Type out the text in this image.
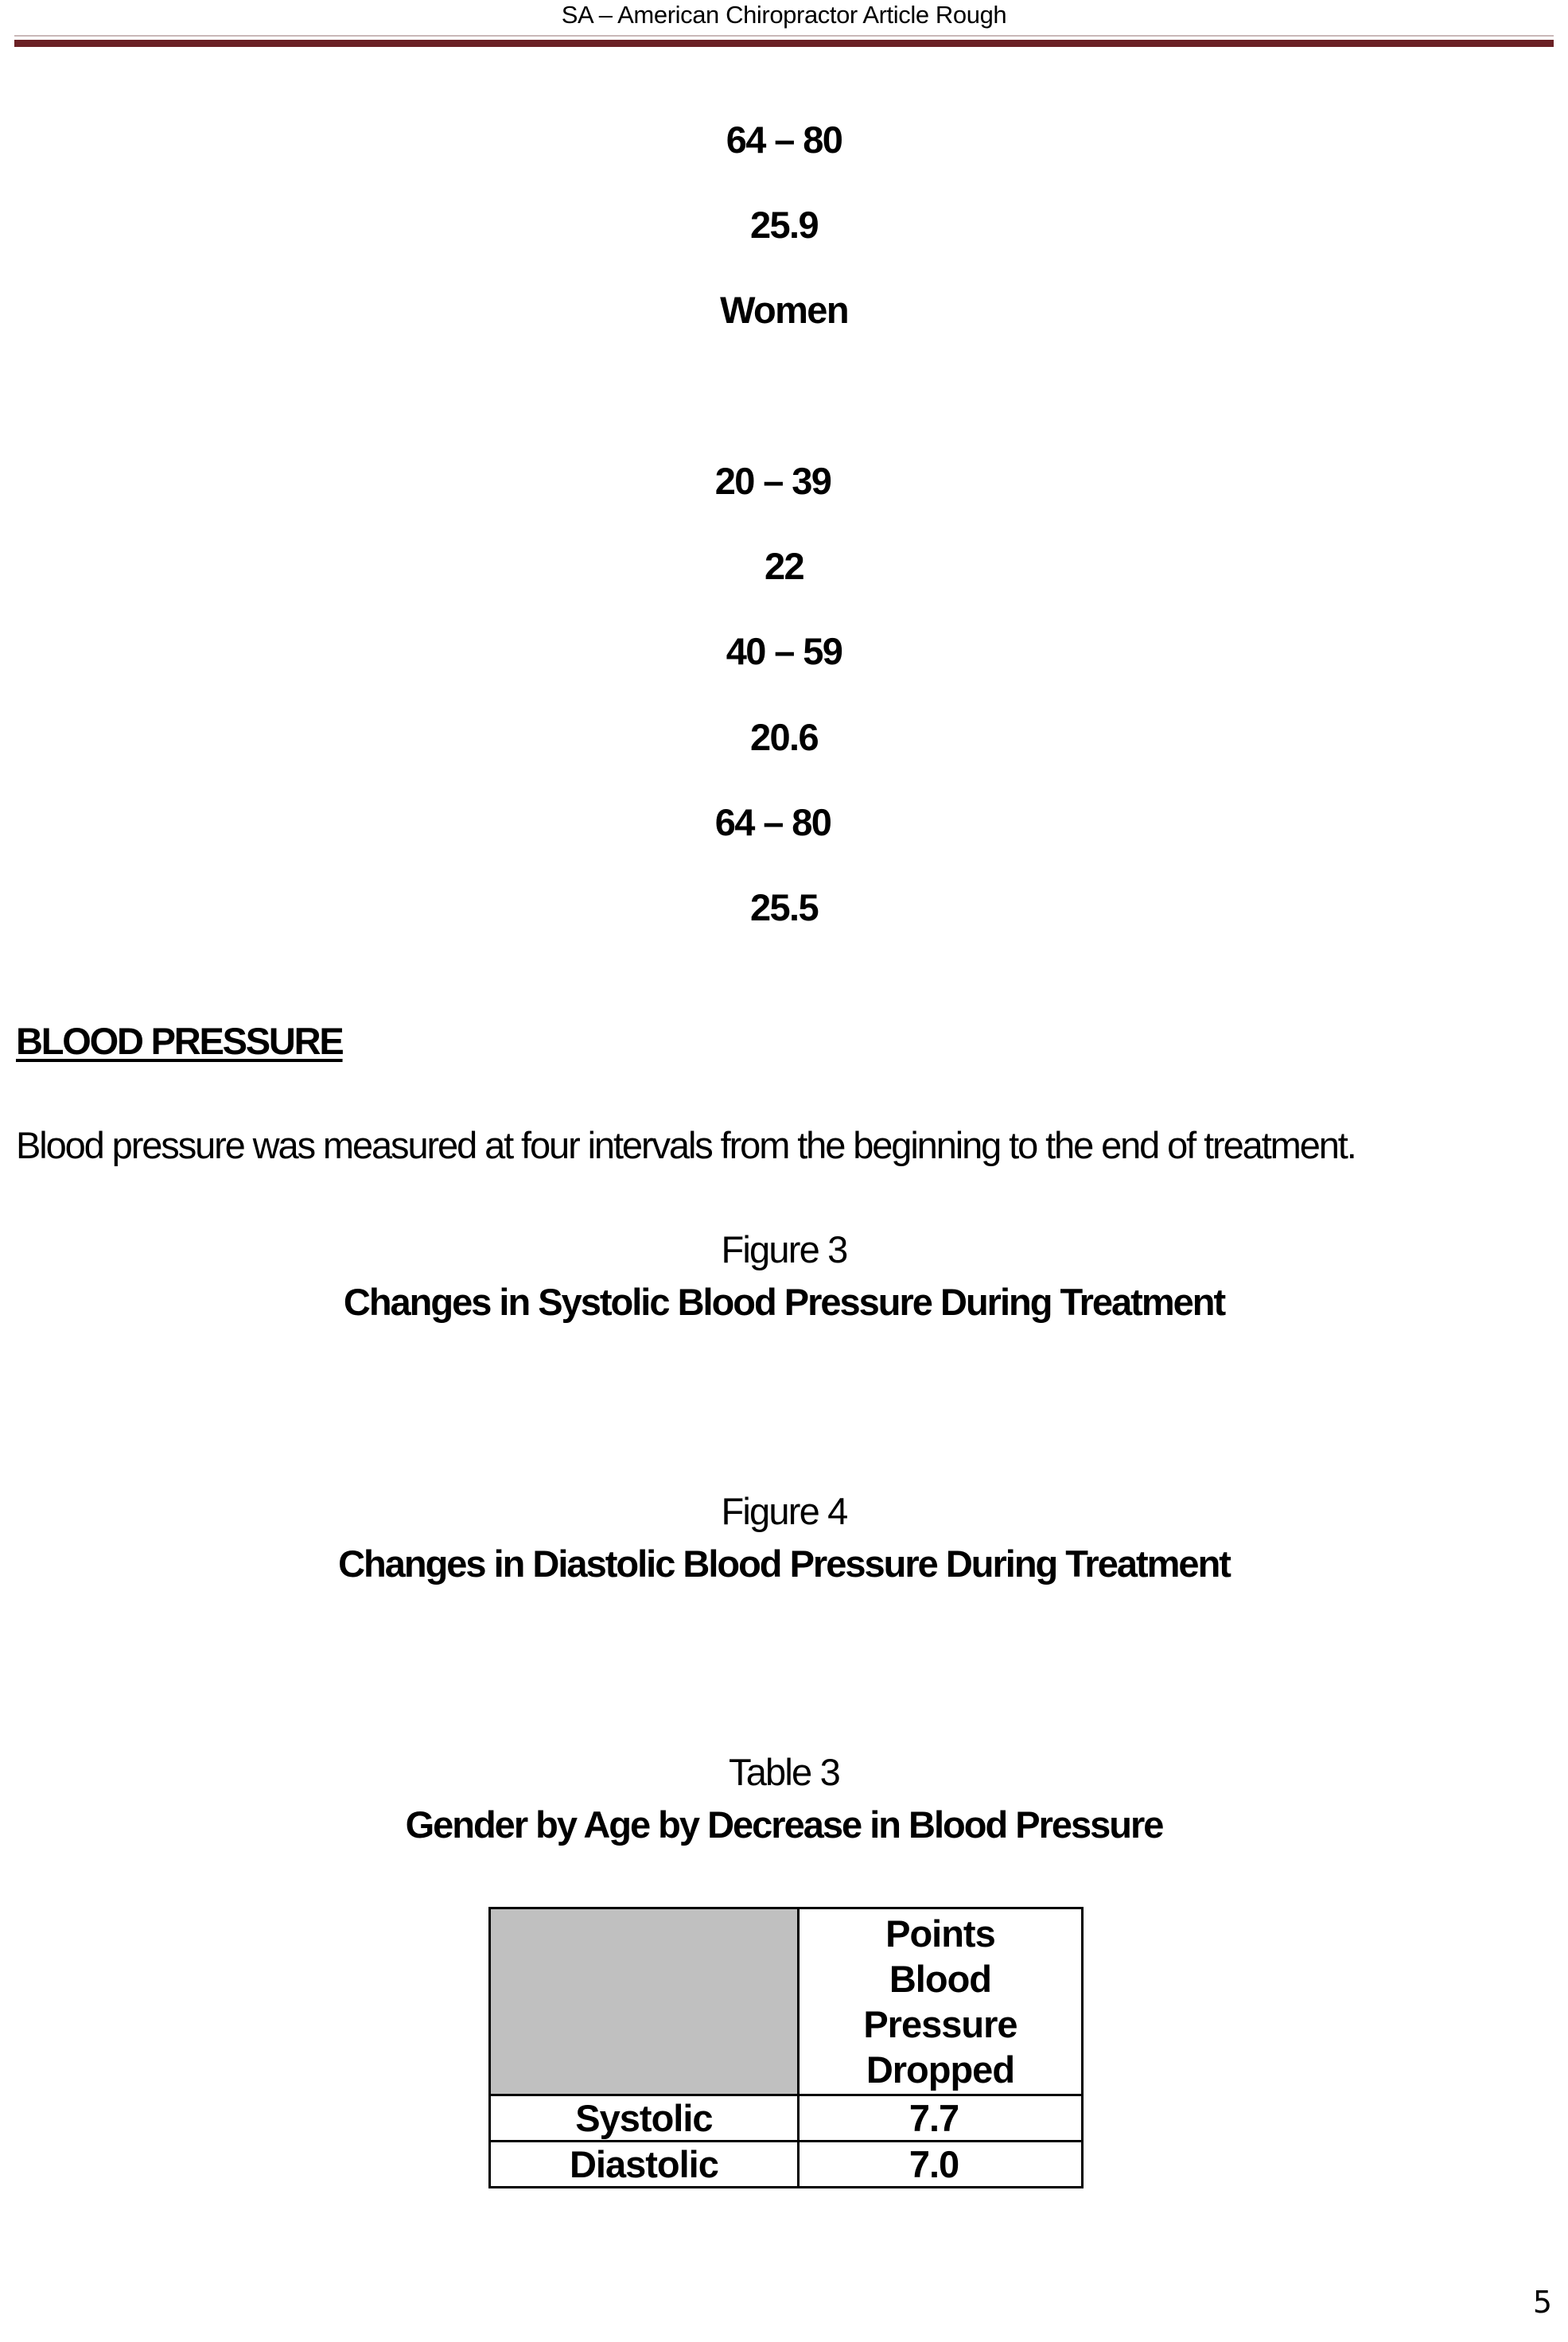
SA – American Chiropractor Article Rough
64 – 80
25.9
Women
20 – 39
22
40 – 59
20.6
64 – 80
25.5
BLOOD PRESSURE
Blood pressure was measured at four intervals from the beginning to the end of treatment.
Figure 3
Changes in Systolic Blood Pressure During Treatment
Figure 4
Changes in Diastolic Blood Pressure During Treatment
Table 3
Gender by Age by Decrease in Blood Pressure

	Points
Blood
Pressure
Dropped

Systolic	7.7
Diastolic	7.0
5
